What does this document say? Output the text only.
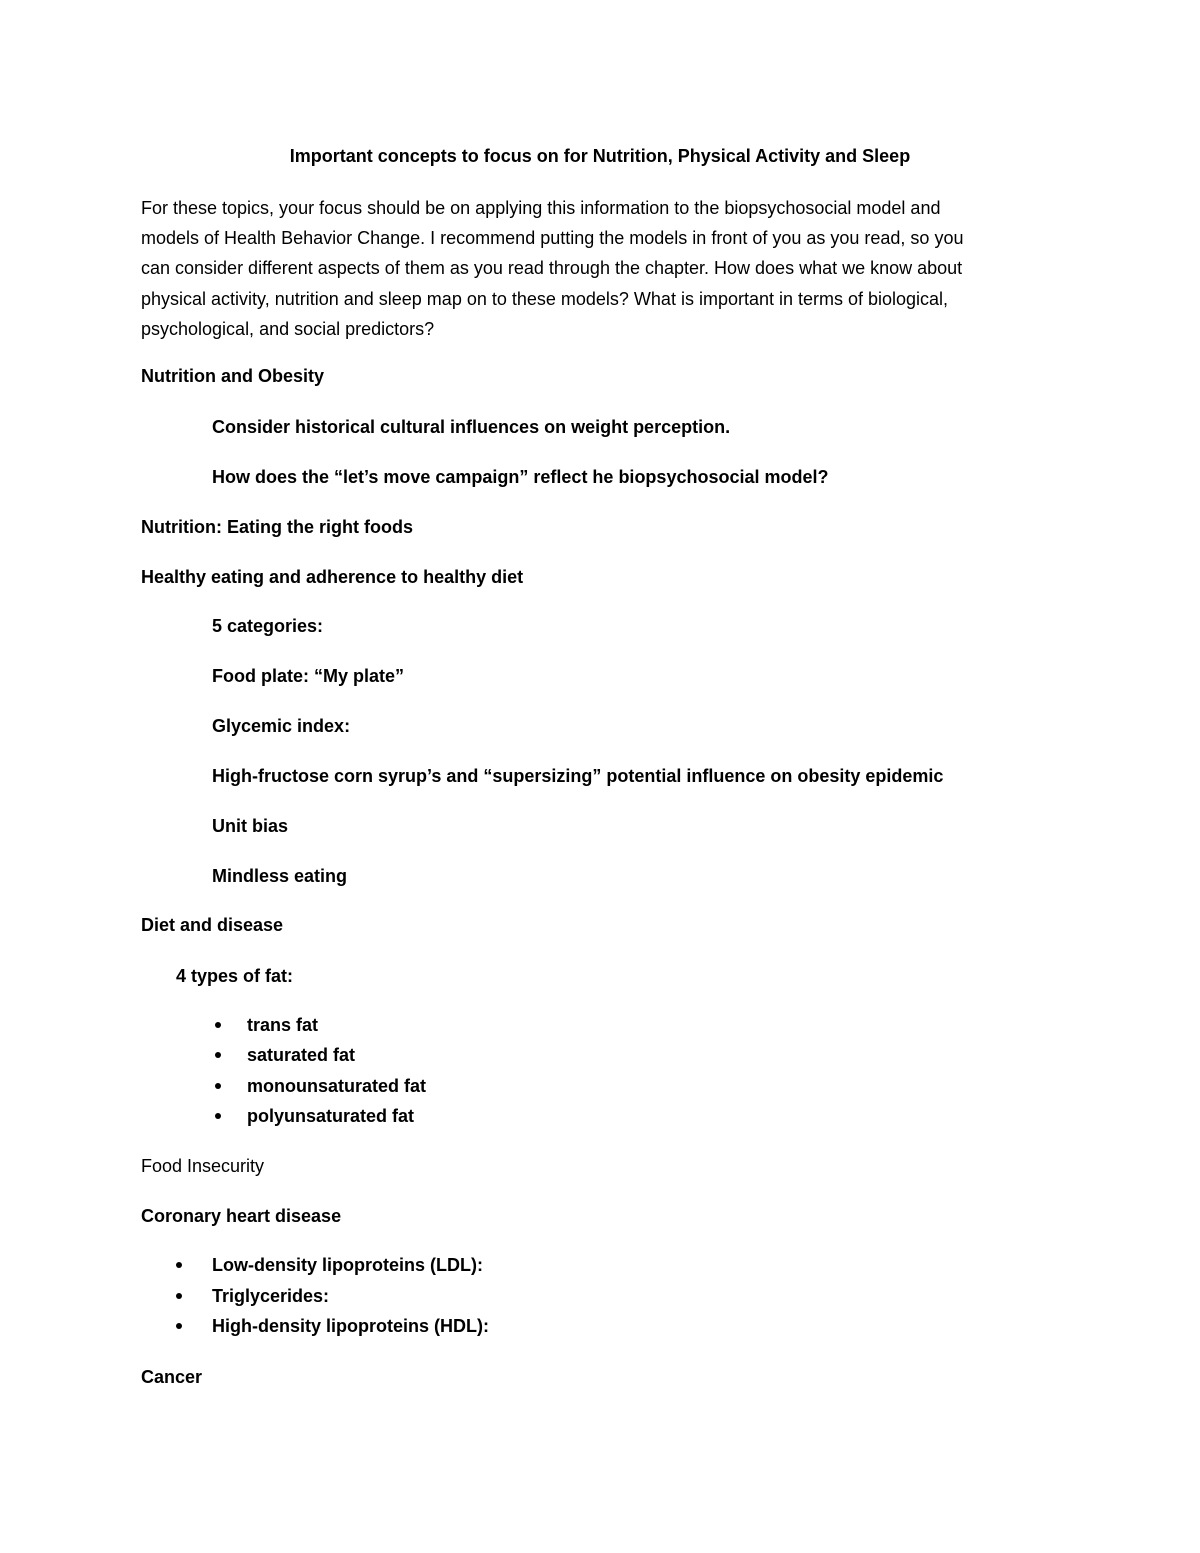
Important concepts to focus on for Nutrition, Physical Activity and Sleep
For these topics, your focus should be on applying this information to the biopsychosocial model and
models of Health Behavior Change. I recommend putting the models in front of you as you read, so you
can consider different aspects of them as you read through the chapter. How does what we know about
physical activity, nutrition and sleep map on to these models? What is important in terms of biological,
psychological, and social predictors?
Nutrition and Obesity
Consider historical cultural influences on weight perception.
How does the “let’s move campaign” reflect he biopsychosocial model?
Nutrition: Eating the right foods
Healthy eating and adherence to healthy diet
5 categories:
Food plate: “My plate”
Glycemic index:
High-fructose corn syrup’s and “supersizing” potential influence on obesity epidemic
Unit bias
Mindless eating
Diet and disease
4 types of fat:
trans fat
saturated fat
monounsaturated fat
polyunsaturated fat
Food Insecurity
Coronary heart disease
Low-density lipoproteins (LDL):
Triglycerides:
High-density lipoproteins (HDL):
Cancer
